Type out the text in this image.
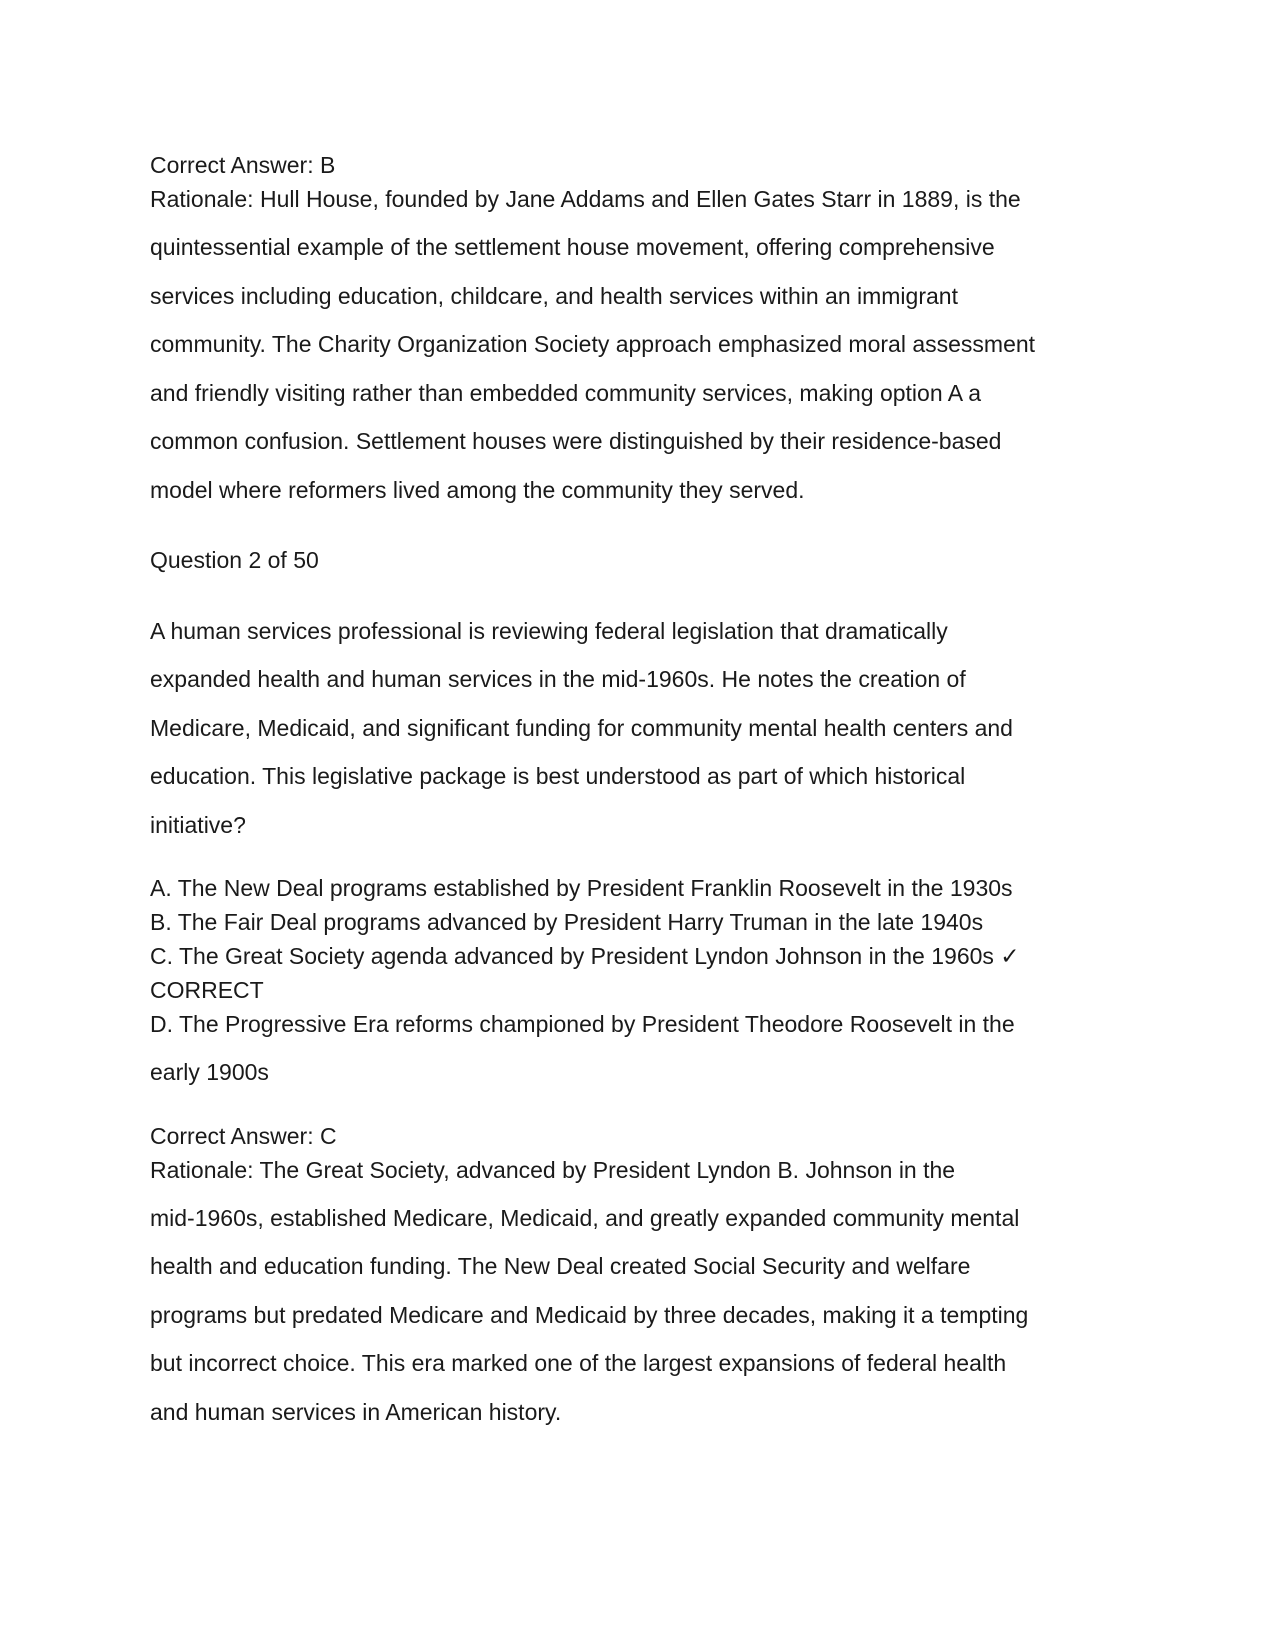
Correct Answer: B

Rationale: Hull House, founded by Jane Addams and Ellen Gates Starr in 1889, is the

quintessential example of the settlement house movement, offering comprehensive
services including education, childcare, and health services within an immigrant
community. The Charity Organization Society approach emphasized moral assessment
and friendly visiting rather than embedded community services, making option A a
common confusion. Settlement houses were distinguished by their residence-based
model where reformers lived among the community they served.

Question 2 of 50

A human services professional is reviewing federal legislation that dramatically
expanded health and human services in the mid-1960s. He notes the creation of
Medicare, Medicaid, and significant funding for community mental health centers and
education. This legislative package is best understood as part of which historical
initiative?

A. The New Deal programs established by President Franklin Roosevelt in the 1930s

B. The Fair Deal programs advanced by President Harry Truman in the late 1940s

C. The Great Society agenda advanced by President Lyndon Johnson in the 1960s ✓

CORRECT

D. The Progressive Era reforms championed by President Theodore Roosevelt in the

early 1900s

Correct Answer: C

Rationale: The Great Society, advanced by President Lyndon B. Johnson in the

mid-1960s, established Medicare, Medicaid, and greatly expanded community mental
health and education funding. The New Deal created Social Security and welfare
programs but predated Medicare and Medicaid by three decades, making it a tempting
but incorrect choice. This era marked one of the largest expansions of federal health
and human services in American history.
